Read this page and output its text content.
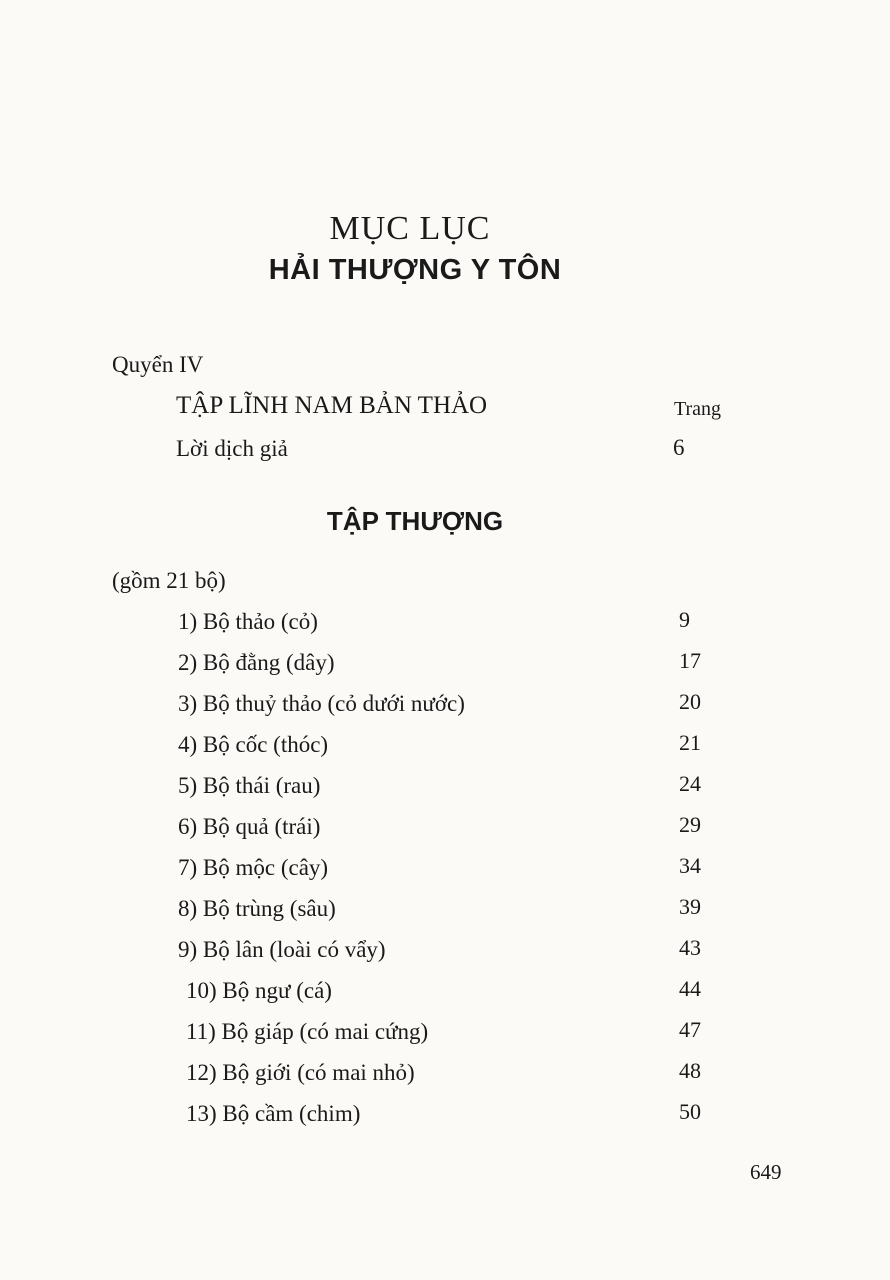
MỤC LỤC
HẢI THƯỢNG Y TÔN
Quyển IV
TẬP LĨNH NAM BẢN THẢO	Trang
Lời dịch giả	6
TẬP THƯỢNG
(gồm 21 bộ)
1) Bộ thảo (cỏ)	9
2) Bộ đằng (dây)	17
3) Bộ thuỷ thảo (cỏ dưới nước)	20
4) Bộ cốc (thóc)	21
5) Bộ thái (rau)	24
6) Bộ quả (trái)	29
7) Bộ mộc (cây)	34
8) Bộ trùng (sâu)	39
9) Bộ lân (loài có vẩy)	43
10) Bộ ngư (cá)	44
11) Bộ giáp (có mai cứng)	47
12) Bộ giới (có mai nhỏ)	48
13) Bộ cầm (chim)	50
649
